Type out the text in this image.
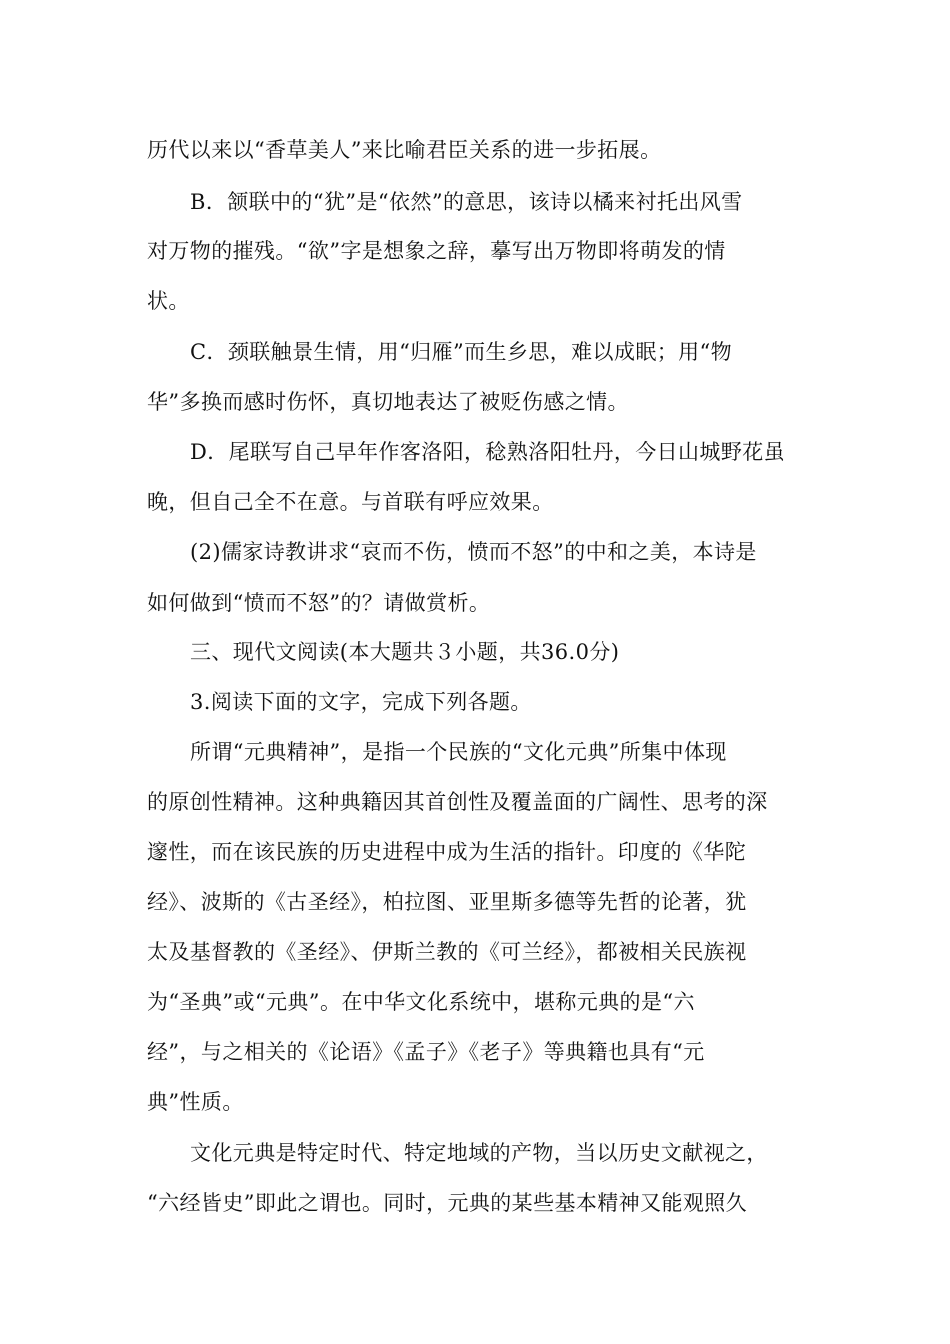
历代以来以“香草美人”来比喻君臣关系的进一步拓展。
B．颔联中的“犹”是“依然”的意思，该诗以橘来衬托出风雪
对万物的摧残。“欲”字是想象之辞，摹写出万物即将萌发的情
状。
C．颈联触景生情，用“归雁”而生乡思，难以成眠；用“物
华”多换而感时伤怀，真切地表达了被贬伤感之情。
D．尾联写自己早年作客洛阳，稔熟洛阳牡丹，今日山城野花虽
晚，但自己全不在意。与首联有呼应效果。
(2)儒家诗教讲求“哀而不伤，愤而不怒”的中和之美，本诗是
如何做到“愤而不怒”的？请做赏析。
三、现代文阅读(本大题共３小题，共36.0分)
3.阅读下面的文字，完成下列各题。
所谓“元典精神”，是指一个民族的“文化元典”所集中体现
的原创性精神。这种典籍因其首创性及覆盖面的广阔性、思考的深
邃性，而在该民族的历史进程中成为生活的指针。印度的《华陀
经》、波斯的《古圣经》，柏拉图、亚里斯多德等先哲的论著，犹
太及基督教的《圣经》、伊斯兰教的《可兰经》，都被相关民族视
为“圣典”或“元典”。在中华文化系统中，堪称元典的是“六
经”，与之相关的《论语》《孟子》《老子》等典籍也具有“元
典”性质。
文化元典是特定时代、特定地域的产物，当以历史文献视之，
“六经皆史”即此之谓也。同时，元典的某些基本精神又能观照久
